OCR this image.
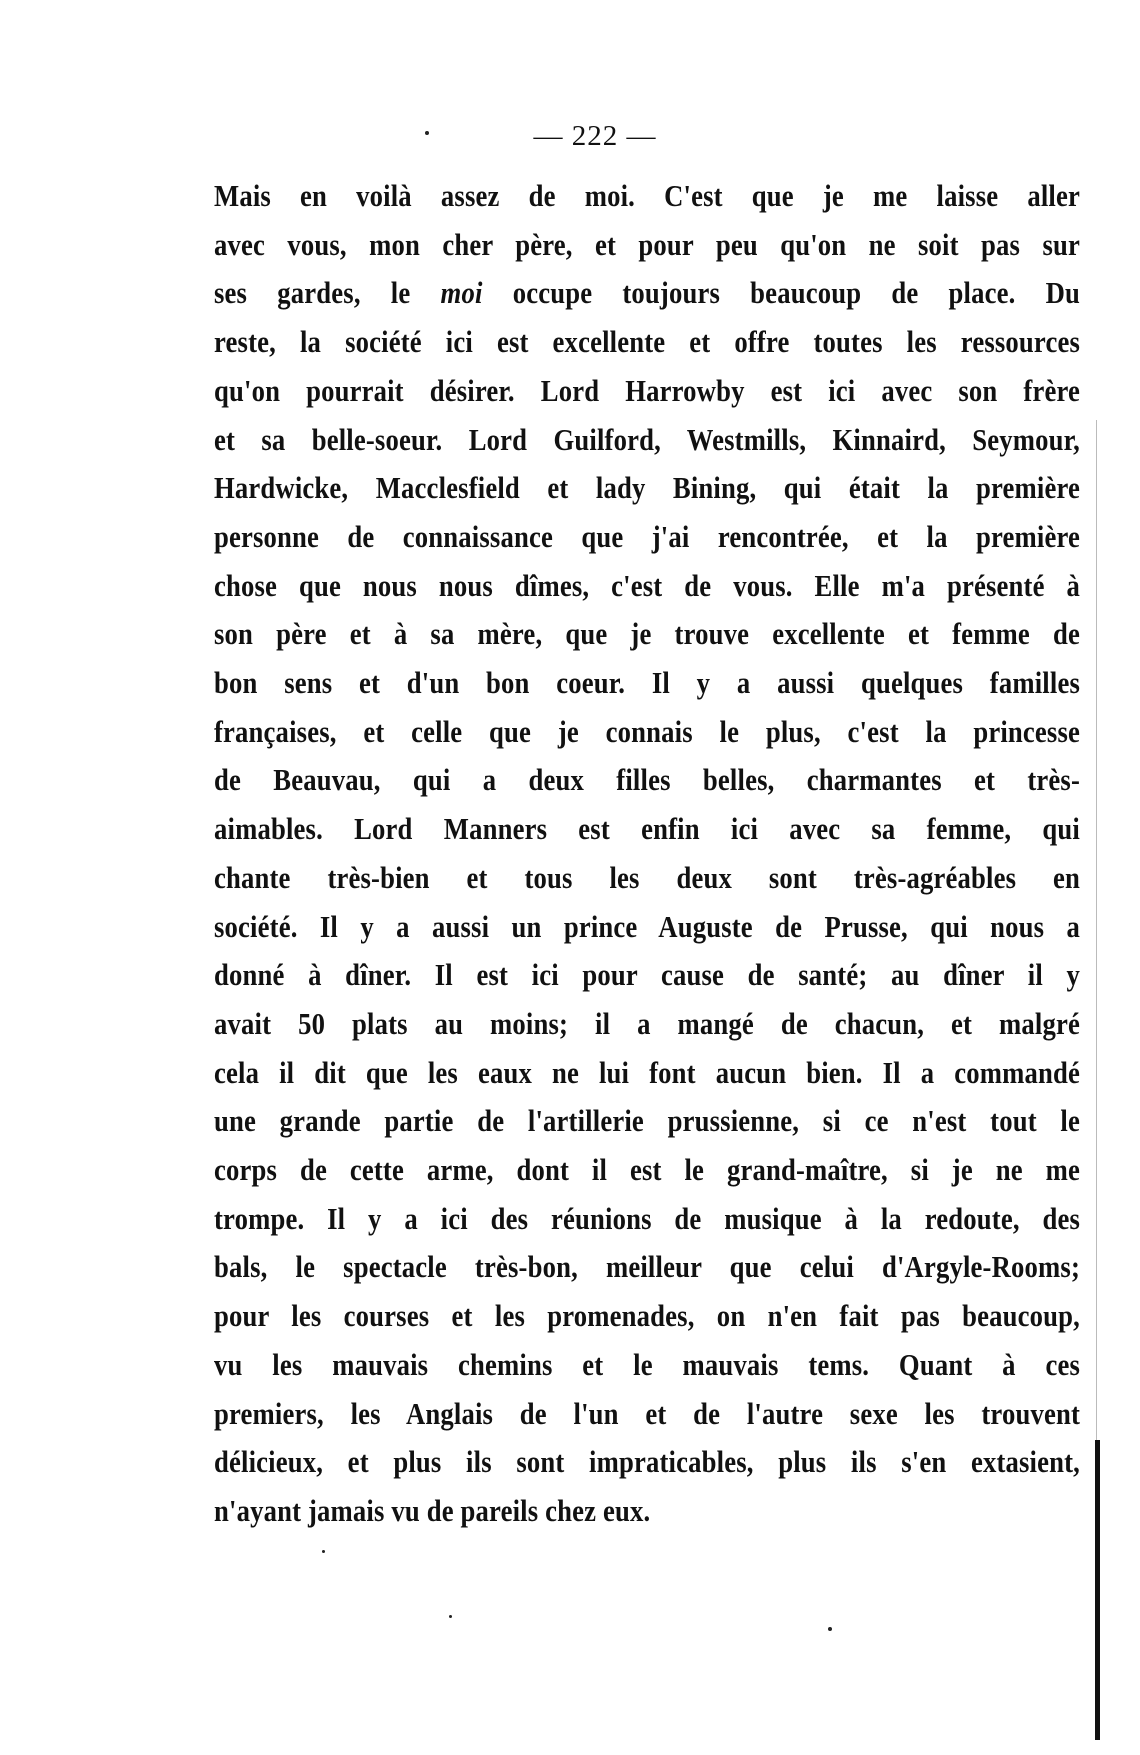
— 222 —
Mais en voilà assez de moi. C'est que je me laisse aller
avec vous, mon cher père, et pour peu qu'on ne soit pas sur
ses gardes, le moi occupe toujours beaucoup de place. Du
reste, la société ici est excellente et offre toutes les ressources
qu'on pourrait désirer. Lord Harrowby est ici avec son frère
et sa belle-soeur. Lord Guilford, Westmills, Kinnaird, Seymour,
Hardwicke, Macclesfield et lady Bining, qui était la première
personne de connaissance que j'ai rencontrée, et la première
chose que nous nous dîmes, c'est de vous. Elle m'a présenté à
son père et à sa mère, que je trouve excellente et femme de
bon sens et d'un bon coeur. Il y a aussi quelques familles
françaises, et celle que je connais le plus, c'est la princesse
de Beauvau, qui a deux filles belles, charmantes et très-
aimables. Lord Manners est enfin ici avec sa femme, qui
chante très-bien et tous les deux sont très-agréables en
société. Il y a aussi un prince Auguste de Prusse, qui nous a
donné à dîner. Il est ici pour cause de santé; au dîner il y
avait 50 plats au moins; il a mangé de chacun, et malgré
cela il dit que les eaux ne lui font aucun bien. Il a commandé
une grande partie de l'artillerie prussienne, si ce n'est tout le
corps de cette arme, dont il est le grand-maître, si je ne me
trompe. Il y a ici des réunions de musique à la redoute, des
bals, le spectacle très-bon, meilleur que celui d'Argyle-Rooms;
pour les courses et les promenades, on n'en fait pas beaucoup,
vu les mauvais chemins et le mauvais tems. Quant à ces
premiers, les Anglais de l'un et de l'autre sexe les trouvent
délicieux, et plus ils sont impraticables, plus ils s'en extasient,
n'ayant jamais vu de pareils chez eux.
